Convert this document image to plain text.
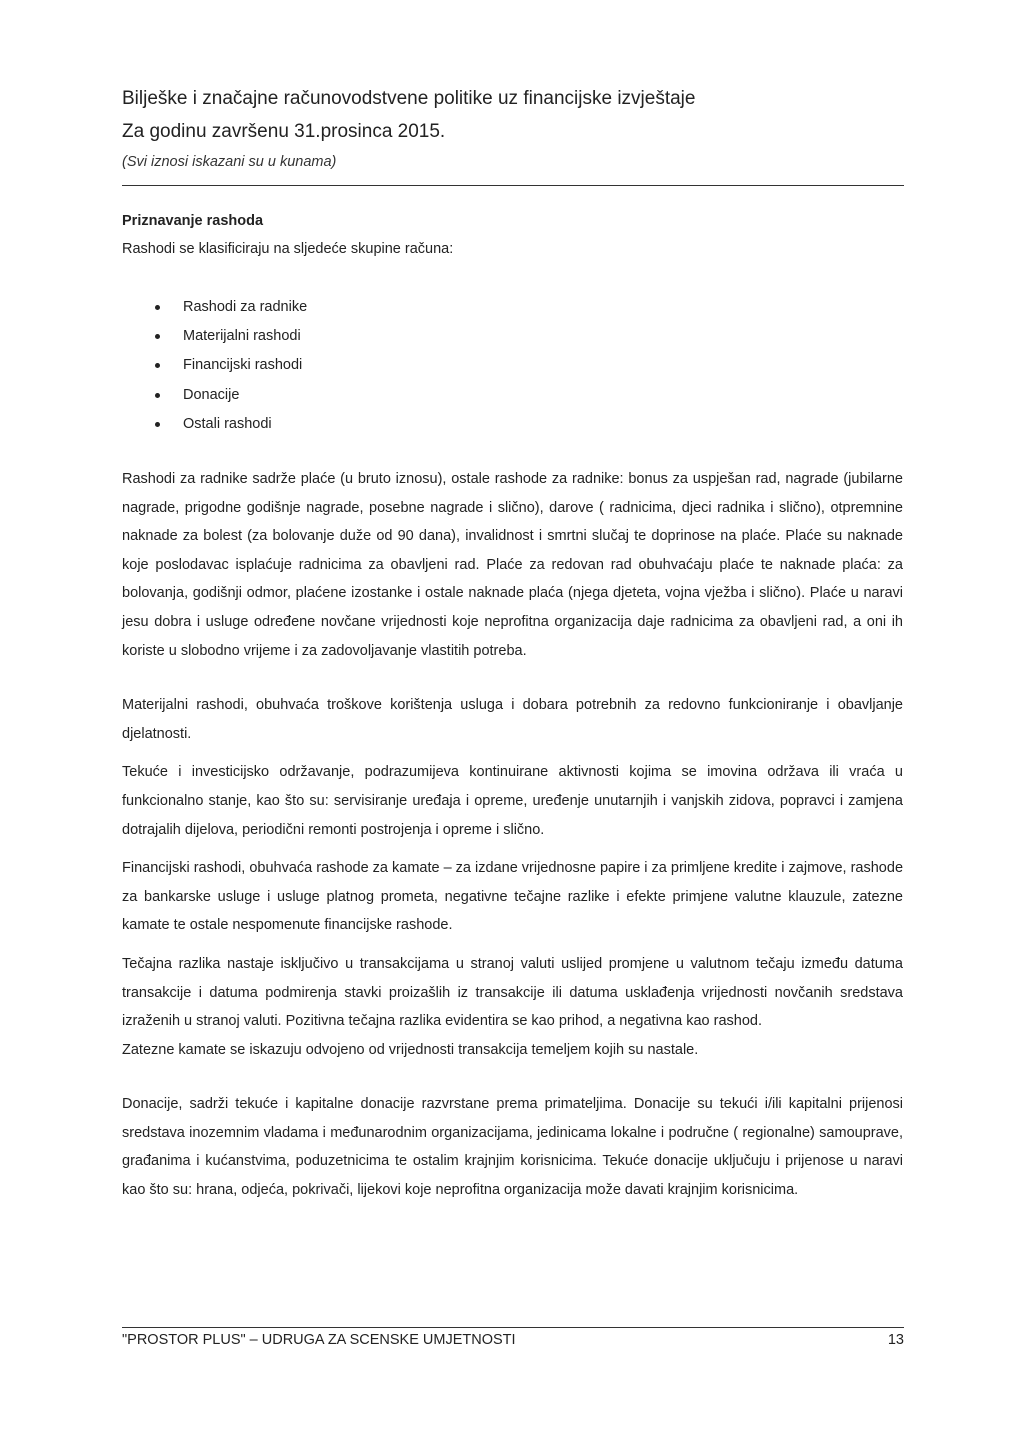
Bilješke i značajne računovodstvene politike uz financijske izvještaje

Za godinu završenu 31.prosinca 2015.

(Svi iznosi iskazani su u kunama)

Priznavanje rashoda

Rashodi se klasificiraju na sljedeće skupine računa:

Rashodi za radnike
Materijalni rashodi
Financijski rashodi
Donacije
Ostali rashodi

Rashodi za radnike sadrže plaće (u bruto iznosu), ostale rashode za radnike: bonus za uspješan rad, nagrade (jubilarne nagrade, prigodne godišnje nagrade, posebne nagrade i slično), darove ( radnicima, djeci radnika i slično), otpremnine naknade za bolest (za bolovanje duže od 90 dana), invalidnost i smrtni slučaj te doprinose na plaće. Plaće su naknade koje poslodavac isplaćuje radnicima za obavljeni rad. Plaće za redovan rad obuhvaćaju plaće te naknade plaća: za bolovanja, godišnji odmor, plaćene izostanke i ostale naknade plaća (njega djeteta, vojna vježba i slično). Plaće u naravi jesu dobra i usluge određene novčane vrijednosti koje neprofitna organizacija daje radnicima za obavljeni rad, a oni ih koriste u slobodno vrijeme i za zadovoljavanje vlastitih potreba.

Materijalni rashodi, obuhvaća troškove korištenja usluga i dobara potrebnih za redovno funkcioniranje i obavljanje djelatnosti.

Tekuće i investicijsko održavanje, podrazumijeva kontinuirane aktivnosti kojima se imovina održava ili vraća u funkcionalno stanje, kao što su: servisiranje uređaja i opreme, uređenje unutarnjih i vanjskih zidova, popravci i zamjena dotrajalih dijelova, periodični remonti postrojenja i opreme i slično.

Financijski rashodi, obuhvaća rashode za kamate – za izdane vrijednosne papire i za primljene kredite i zajmove, rashode za bankarske usluge i usluge platnog prometa, negativne tečajne razlike i efekte primjene valutne klauzule, zatezne kamate te ostale nespomenute financijske rashode.

Tečajna razlika nastaje isključivo u transakcijama u stranoj valuti uslijed promjene u valutnom tečaju između datuma transakcije i datuma podmirenja stavki proizašlih iz transakcije ili datuma usklađenja vrijednosti novčanih sredstava izraženih u stranoj valuti. Pozitivna tečajna razlika evidentira se kao prihod, a negativna kao rashod.

Zatezne kamate se iskazuju odvojeno od vrijednosti transakcija temeljem kojih su nastale.

Donacije, sadrži tekuće i kapitalne donacije razvrstane prema primateljima. Donacije su tekući i/ili kapitalni prijenosi sredstava inozemnim vladama i međunarodnim organizacijama, jedinicama lokalne i područne ( regionalne) samouprave, građanima i kućanstvima, poduzetnicima te ostalim krajnjim korisnicima. Tekuće donacije uključuju i prijenose u naravi kao što su: hrana, odjeća, pokrivači, lijekovi koje neprofitna organizacija može davati krajnjim korisnicima.

"PROSTOR PLUS" – UDRUGA ZA SCENSKE UMJETNOSTI	13
